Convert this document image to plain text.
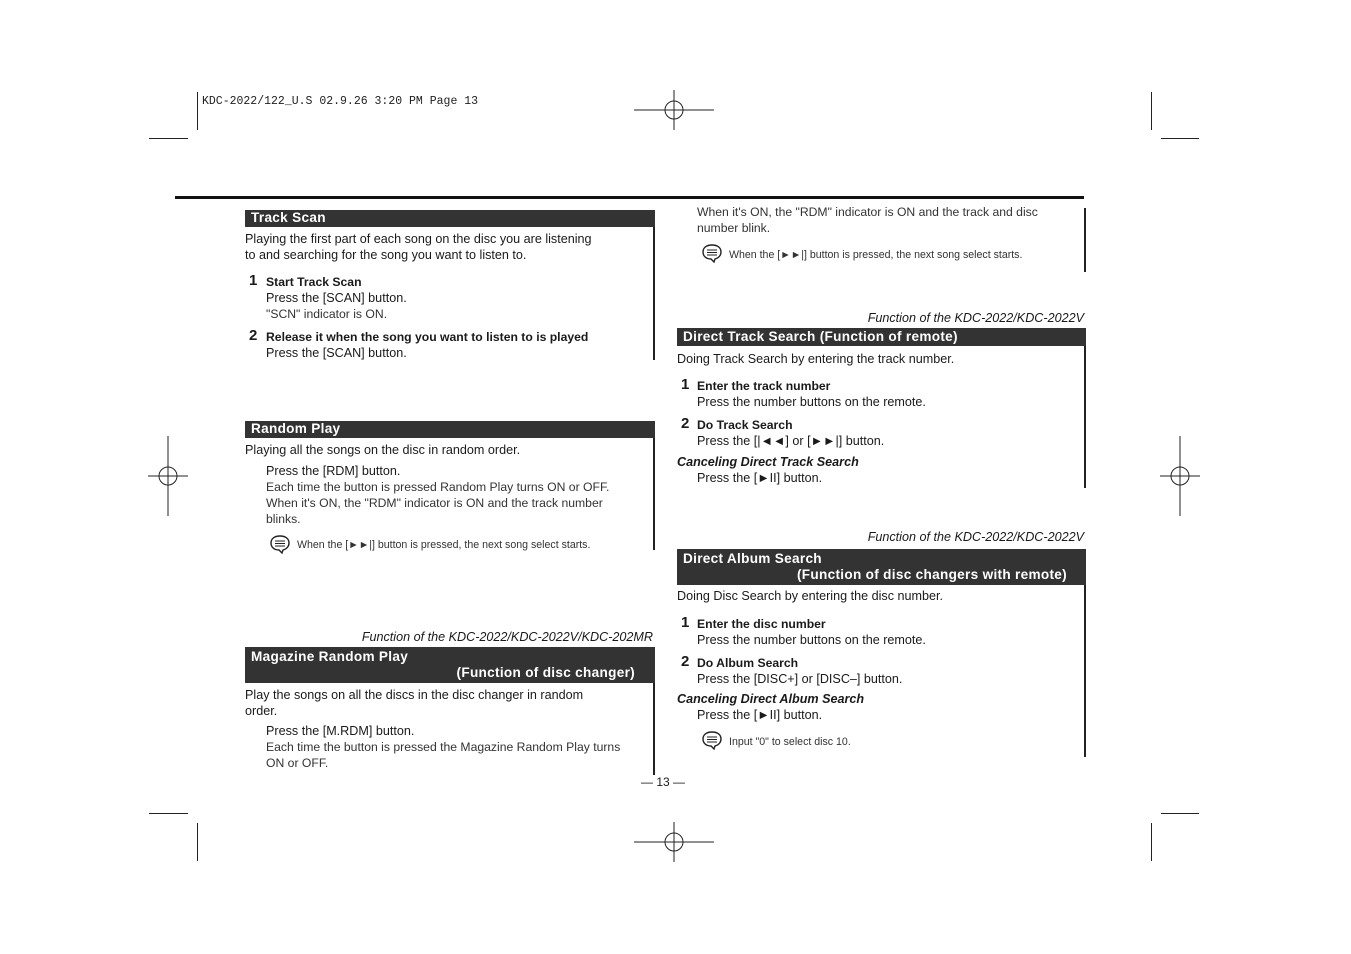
KDC-2022/122_U.S 02.9.26 3:20 PM Page 13
Track Scan
Playing the first part of each song on the disc you are listening
to and searching for the song you want to listen to.
1 Start Track Scan
Press the [SCAN] button.
"SCN" indicator is ON.
2 Release it when the song you want to listen to is played
Press the [SCAN] button.
Random Play
Playing all the songs on the disc in random order.
Press the [RDM] button.
Each time the button is pressed Random Play turns ON or OFF.
When it's ON, the "RDM" indicator is ON and the track number
blinks.
When the [►►|] button is pressed, the next song select starts.
Function of the KDC-2022/KDC-2022V/KDC-202MR
Magazine Random Play
(Function of disc changer)
Play the songs on all the discs in the disc changer in random
order.
Press the [M.RDM] button.
Each time the button is pressed the Magazine Random Play turns
ON or OFF.
When it's ON, the "RDM" indicator is ON and the track and disc
number blink.
When the [►►|] button is pressed, the next song select starts.
Function of the KDC-2022/KDC-2022V
Direct Track Search (Function of remote)
Doing Track Search by entering the track number.
1 Enter the track number
Press the number buttons on the remote.
2 Do Track Search
Press the [|◄◄] or [►►|] button.
Canceling Direct Track Search
Press the [►II] button.
Function of the KDC-2022/KDC-2022V
Direct Album Search
(Function of disc changers with remote)
Doing Disc Search by entering the disc number.
1 Enter the disc number
Press the number buttons on the remote.
2 Do Album Search
Press the [DISC+] or [DISC–] button.
Canceling Direct Album Search
Press the [►II] button.
Input "0" to select disc 10.
— 13 —
